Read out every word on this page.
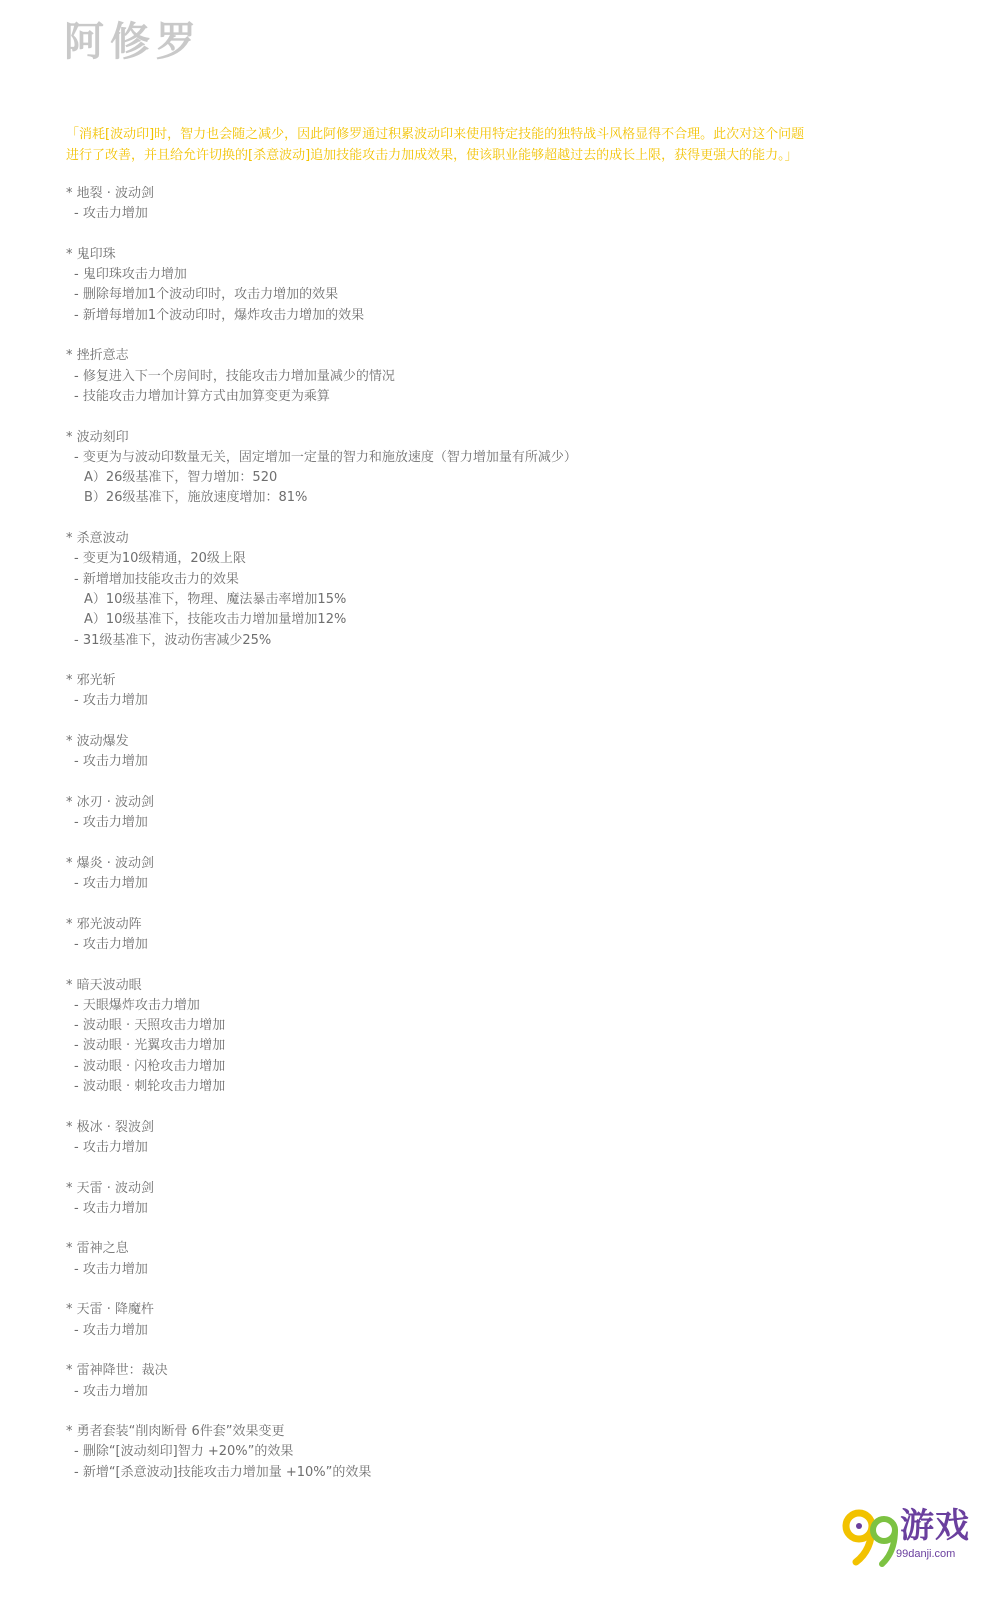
阿修罗

「消耗[波动印]时，智力也会随之减少，因此阿修罗通过积累波动印来使用特定技能的独特战斗风格显得不合理。此次对这个问题

进行了改善，并且给允许切换的[杀意波动]追加技能攻击力加成效果，使该职业能够超越过去的成长上限，获得更强大的能力。」

* 地裂 · 波动剑

- 攻击力增加

* 鬼印珠

- 鬼印珠攻击力增加

- 删除每增加1个波动印时，攻击力增加的效果

- 新增每增加1个波动印时，爆炸攻击力增加的效果

* 挫折意志

- 修复进入下一个房间时，技能攻击力增加量减少的情况

- 技能攻击力增加计算方式由加算变更为乘算

* 波动刻印

- 变更为与波动印数量无关，固定增加一定量的智力和施放速度（智力增加量有所减少）

A）26级基准下，智力增加：520

B）26级基准下，施放速度增加：81%

* 杀意波动

- 变更为10级精通，20级上限

- 新增增加技能攻击力的效果

A）10级基准下，物理、魔法暴击率增加15%

A）10级基准下，技能攻击力增加量增加12%

- 31级基准下，波动伤害减少25%

* 邪光斩

- 攻击力增加

* 波动爆发

- 攻击力增加

* 冰刃 · 波动剑

- 攻击力增加

* 爆炎 · 波动剑

- 攻击力增加

* 邪光波动阵

- 攻击力增加

* 暗天波动眼

- 天眼爆炸攻击力增加

- 波动眼 · 天照攻击力增加

- 波动眼 · 光翼攻击力增加

- 波动眼 · 闪枪攻击力增加

- 波动眼 · 刺轮攻击力增加

* 极冰 · 裂波剑

- 攻击力增加

* 天雷 · 波动剑

- 攻击力增加

* 雷神之息

- 攻击力增加

* 天雷 · 降魔杵

- 攻击力增加

* 雷神降世：裁决

- 攻击力增加

* 勇者套装“削肉断骨 6件套”效果变更

- 删除“[波动刻印]智力 +20%”的效果

- 新增“[杀意波动]技能攻击力增加量 +10%”的效果

游戏
99danji.com
